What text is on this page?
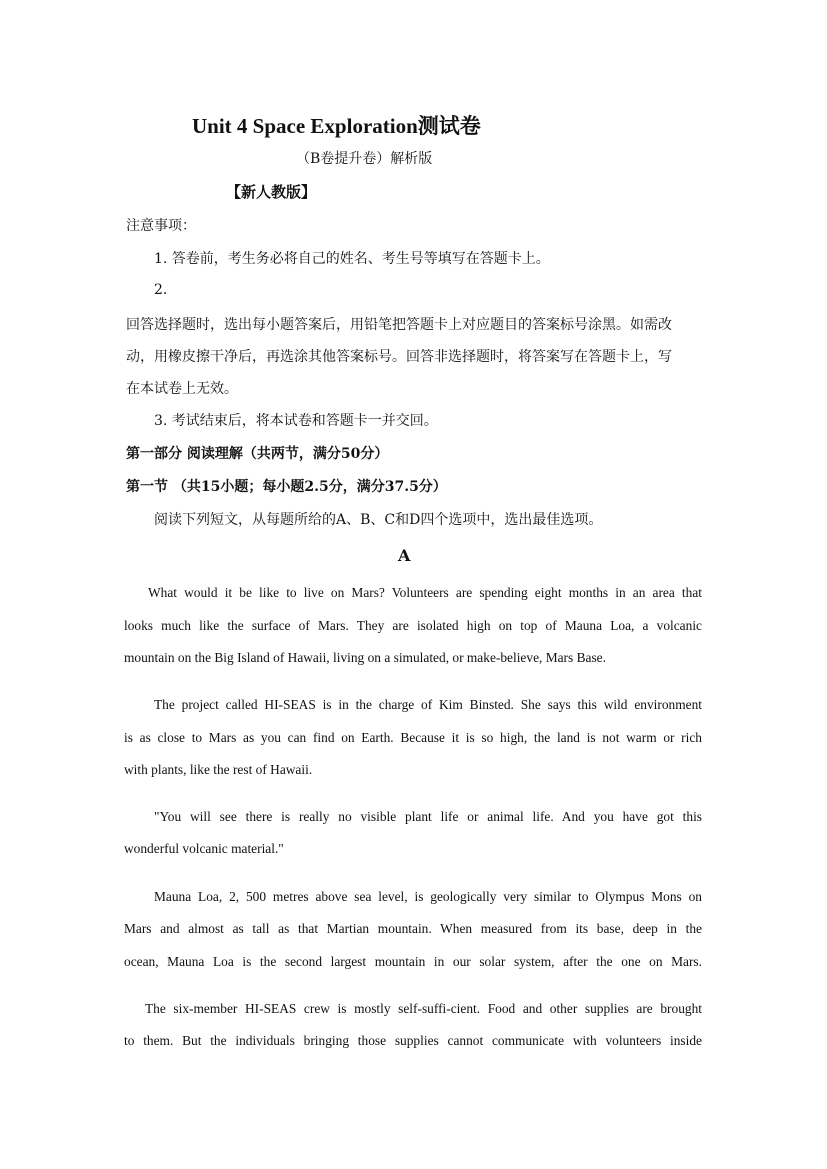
Unit 4 Space Exploration测试卷
（B卷提升卷）解析版
【新人教版】
注意事项：
1. 答卷前，考生务必将自己的姓名、考生号等填写在答题卡上。
2.
回答选择题时，选出每小题答案后，用铅笔把答题卡上对应题目的答案标号涂黑。如需改
动，用橡皮擦干净后，再选涂其他答案标号。回答非选择题时，将答案写在答题卡上，写
在本试卷上无效。
3. 考试结束后，将本试卷和答题卡一并交回。
第一部分 阅读理解（共两节，满分50分）
第一节 （共15小题；每小题2.5分，满分37.5分）
阅读下列短文，从每题所给的A、B、C和D四个选项中，选出最佳选项。
A
What would it be like to live on Mars? Volunteers are spending eight months in an area that
looks much like the surface of Mars. They are isolated high on top of Mauna Loa, a volcanic
mountain on the Big Island of Hawaii, living on a simulated, or make-believe, Mars Base.
The project called HI-SEAS is in the charge of Kim Binsted. She says this wild environment
is as close to Mars as you can find on Earth. Because it is so high, the land is not warm or rich
with plants, like the rest of Hawaii.
"You will see there is really no visible plant life or animal life. And you have got this
wonderful volcanic material."
Mauna Loa, 2, 500 metres above sea level, is geologically very similar to Olympus Mons on
Mars and almost as tall as that Martian mountain. When measured from its base, deep in the
ocean, Mauna Loa is the second largest mountain in our solar system, after the one on Mars.
The six-member HI-SEAS crew is mostly self-suffi-cient. Food and other supplies are brought
to them. But the individuals bringing those supplies cannot communicate with volunteers inside
